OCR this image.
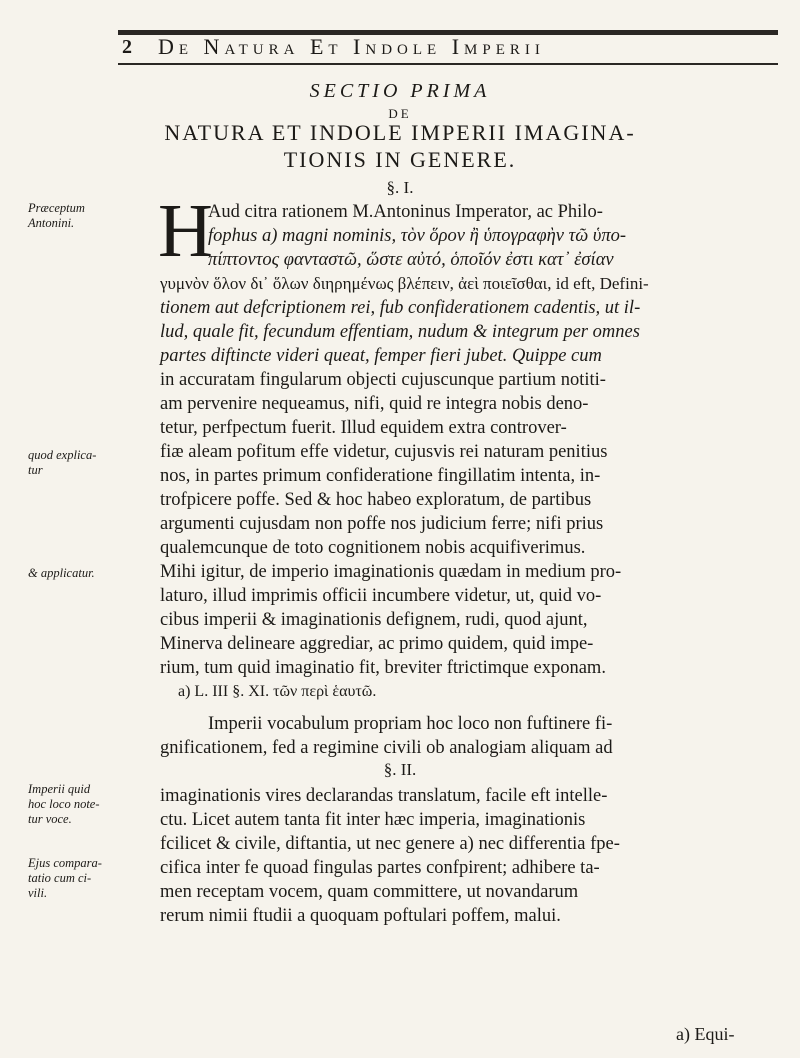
2 De Natura Et Indole Imperii
SECTIO PRIMA
DE
NATURA ET INDOLE IMPERII IMAGINA-
TIONIS IN GENERE.
§. I.
§. II.
Præceptum
Antonini.
quod explica-
tur
& applicatur.
Imperii quid
hoc loco note-
tur voce.
Ejus compara-
tatio cum ci-
vili.
H
Aud citra rationem M.Antoninus Imperator, ac Philo-
fophus a) magni nominis, τὸν ὅρον ἢ ὑπογραφὴν τῶ ὑπο-
πίπτοντος φανταστῶ, ὥστε αὐτό, ὁποῖόν ἐστι κατ᾽ ἐσίαν
γυμνὸν ὅλον δι᾽ ὅλων διηρημένως βλέπειν, ἀεὶ ποιεῖσθαι, id eft, Defini-
tionem aut defcriptionem rei, fub confiderationem cadentis, ut il-
lud, quale fit, fecundum effentiam, nudum & integrum per omnes
partes diftincte videri queat, femper fieri jubet. Quippe cum
in accuratam fingularum objecti cujuscunque partium notiti-
am pervenire nequeamus, nifi, quid re integra nobis deno-
tetur, perfpectum fuerit. Illud equidem extra controver-
fiæ aleam pofitum effe videtur, cujusvis rei naturam penitius
nos, in partes primum confideratione fingillatim intenta, in-
trofpicere poffe. Sed & hoc habeo exploratum, de partibus
argumenti cujusdam non poffe nos judicium ferre; nifi prius
qualemcunque de toto cognitionem nobis acquifiverimus.
Mihi igitur, de imperio imaginationis quædam in medium pro-
laturo, illud imprimis officii incumbere videtur, ut, quid vo-
cibus imperii & imaginationis defignem, rudi, quod ajunt,
Minerva delineare aggrediar, ac primo quidem, quid impe-
rium, tum quid imaginatio fit, breviter ftrictimque exponam.
a) L. III §. XI. τῶν περὶ ἑαυτῶ.
Imperii vocabulum propriam hoc loco non fuftinere fi-
gnificationem, fed a regimine civili ob analogiam aliquam ad
imaginationis vires declarandas translatum, facile eft intelle-
ctu. Licet autem tanta fit inter hæc imperia, imaginationis
fcilicet & civile, diftantia, ut nec genere a) nec differentia fpe-
cifica inter fe quoad fingulas partes confpirent; adhibere ta-
men receptam vocem, quam committere, ut novandarum
rerum nimii ftudii a quoquam poftulari poffem, malui.
a) Equi-
